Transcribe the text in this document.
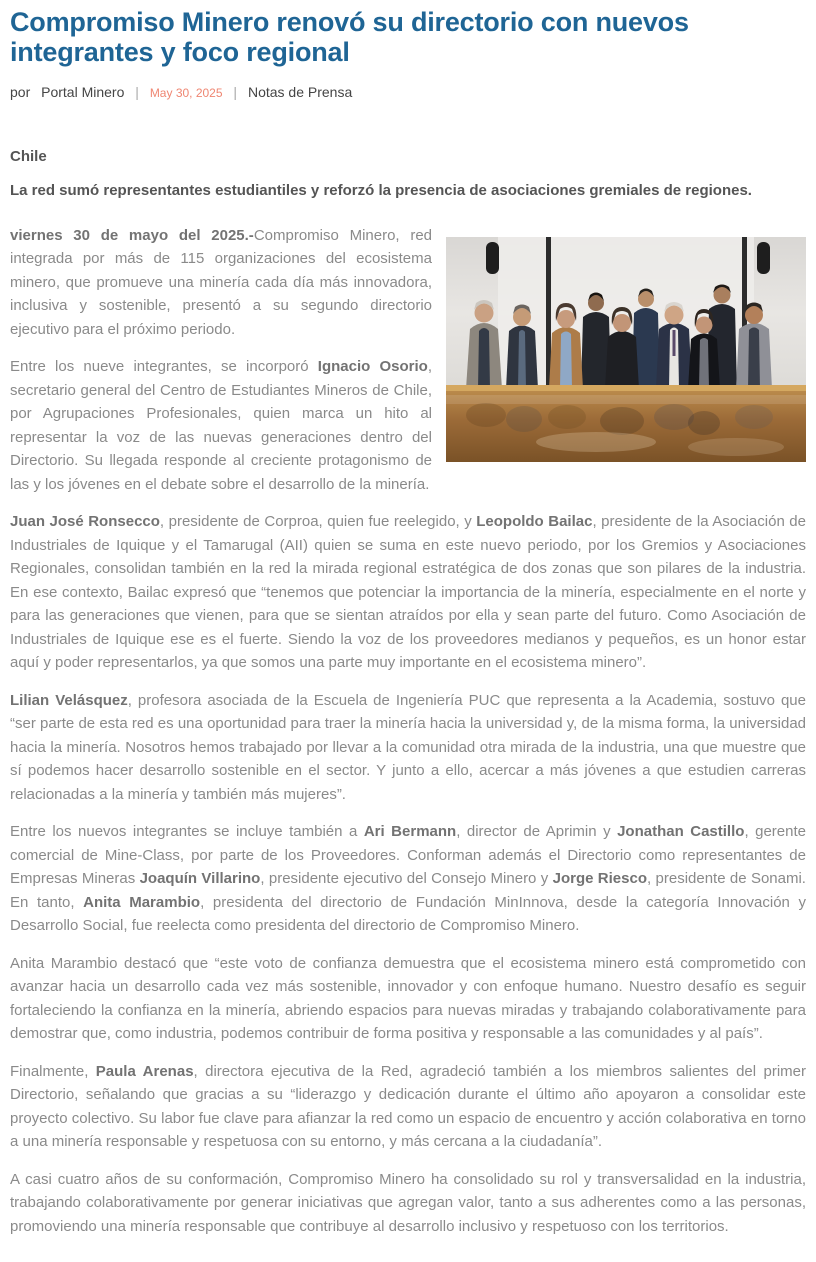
Compromiso Minero renovó su directorio con nuevos integrantes y foco regional
por Portal Minero | May 30, 2025 | Notas de Prensa

Chile

La red sumó representantes estudiantiles y reforzó la presencia de asociaciones gremiales de regiones.

viernes 30 de mayo del 2025.-Compromiso Minero, red integrada por más de 115 organizaciones del ecosistema minero, que promueve una minería cada día más innovadora, inclusiva y sostenible, presentó a su segundo directorio ejecutivo para el próximo periodo.

Entre los nueve integrantes, se incorporó Ignacio Osorio, secretario general del Centro de Estudiantes Mineros de Chile, por Agrupaciones Profesionales, quien marca un hito al representar la voz de las nuevas generaciones dentro del Directorio. Su llegada responde al creciente protagonismo de las y los jóvenes en el debate sobre el desarrollo de la minería.

Juan José Ronsecco, presidente de Corproa, quien fue reelegido, y Leopoldo Bailac, presidente de la Asociación de Industriales de Iquique y el Tamarugal (AII) quien se suma en este nuevo periodo, por los Gremios y Asociaciones Regionales, consolidan también en la red la mirada regional estratégica de dos zonas que son pilares de la industria. En ese contexto, Bailac expresó que “tenemos que potenciar la importancia de la minería, especialmente en el norte y para las generaciones que vienen, para que se sientan atraídos por ella y sean parte del futuro. Como Asociación de Industriales de Iquique ese es el fuerte. Siendo la voz de los proveedores medianos y pequeños, es un honor estar aquí y poder representarlos, ya que somos una parte muy importante en el ecosistema minero”.

Lilian Velásquez, profesora asociada de la Escuela de Ingeniería PUC que representa a la Academia, sostuvo que “ser parte de esta red es una oportunidad para traer la minería hacia la universidad y, de la misma forma, la universidad hacia la minería. Nosotros hemos trabajado por llevar a la comunidad otra mirada de la industria, una que muestre que sí podemos hacer desarrollo sostenible en el sector. Y junto a ello, acercar a más jóvenes a que estudien carreras relacionadas a la minería y también más mujeres”.

Entre los nuevos integrantes se incluye también a Ari Bermann, director de Aprimin y Jonathan Castillo, gerente comercial de Mine-Class, por parte de los Proveedores. Conforman además el Directorio como representantes de Empresas Mineras Joaquín Villarino, presidente ejecutivo del Consejo Minero y Jorge Riesco, presidente de Sonami. En tanto, Anita Marambio, presidenta del directorio de Fundación MinInnova, desde la categoría Innovación y Desarrollo Social, fue reelecta como presidenta del directorio de Compromiso Minero.

Anita Marambio destacó que “este voto de confianza demuestra que el ecosistema minero está comprometido con avanzar hacia un desarrollo cada vez más sostenible, innovador y con enfoque humano. Nuestro desafío es seguir fortaleciendo la confianza en la minería, abriendo espacios para nuevas miradas y trabajando colaborativamente para demostrar que, como industria, podemos contribuir de forma positiva y responsable a las comunidades y al país”.

Finalmente, Paula Arenas, directora ejecutiva de la Red, agradeció también a los miembros salientes del primer Directorio, señalando que gracias a su “liderazgo y dedicación durante el último año apoyaron a consolidar este proyecto colectivo. Su labor fue clave para afianzar la red como un espacio de encuentro y acción colaborativa en torno a una minería responsable y respetuosa con su entorno, y más cercana a la ciudadanía”.

A casi cuatro años de su conformación, Compromiso Minero ha consolidado su rol y transversalidad en la industria, trabajando colaborativamente por generar iniciativas que agregan valor, tanto a sus adherentes como a las personas, promoviendo una minería responsable que contribuye al desarrollo inclusivo y respetuoso con los territorios.
